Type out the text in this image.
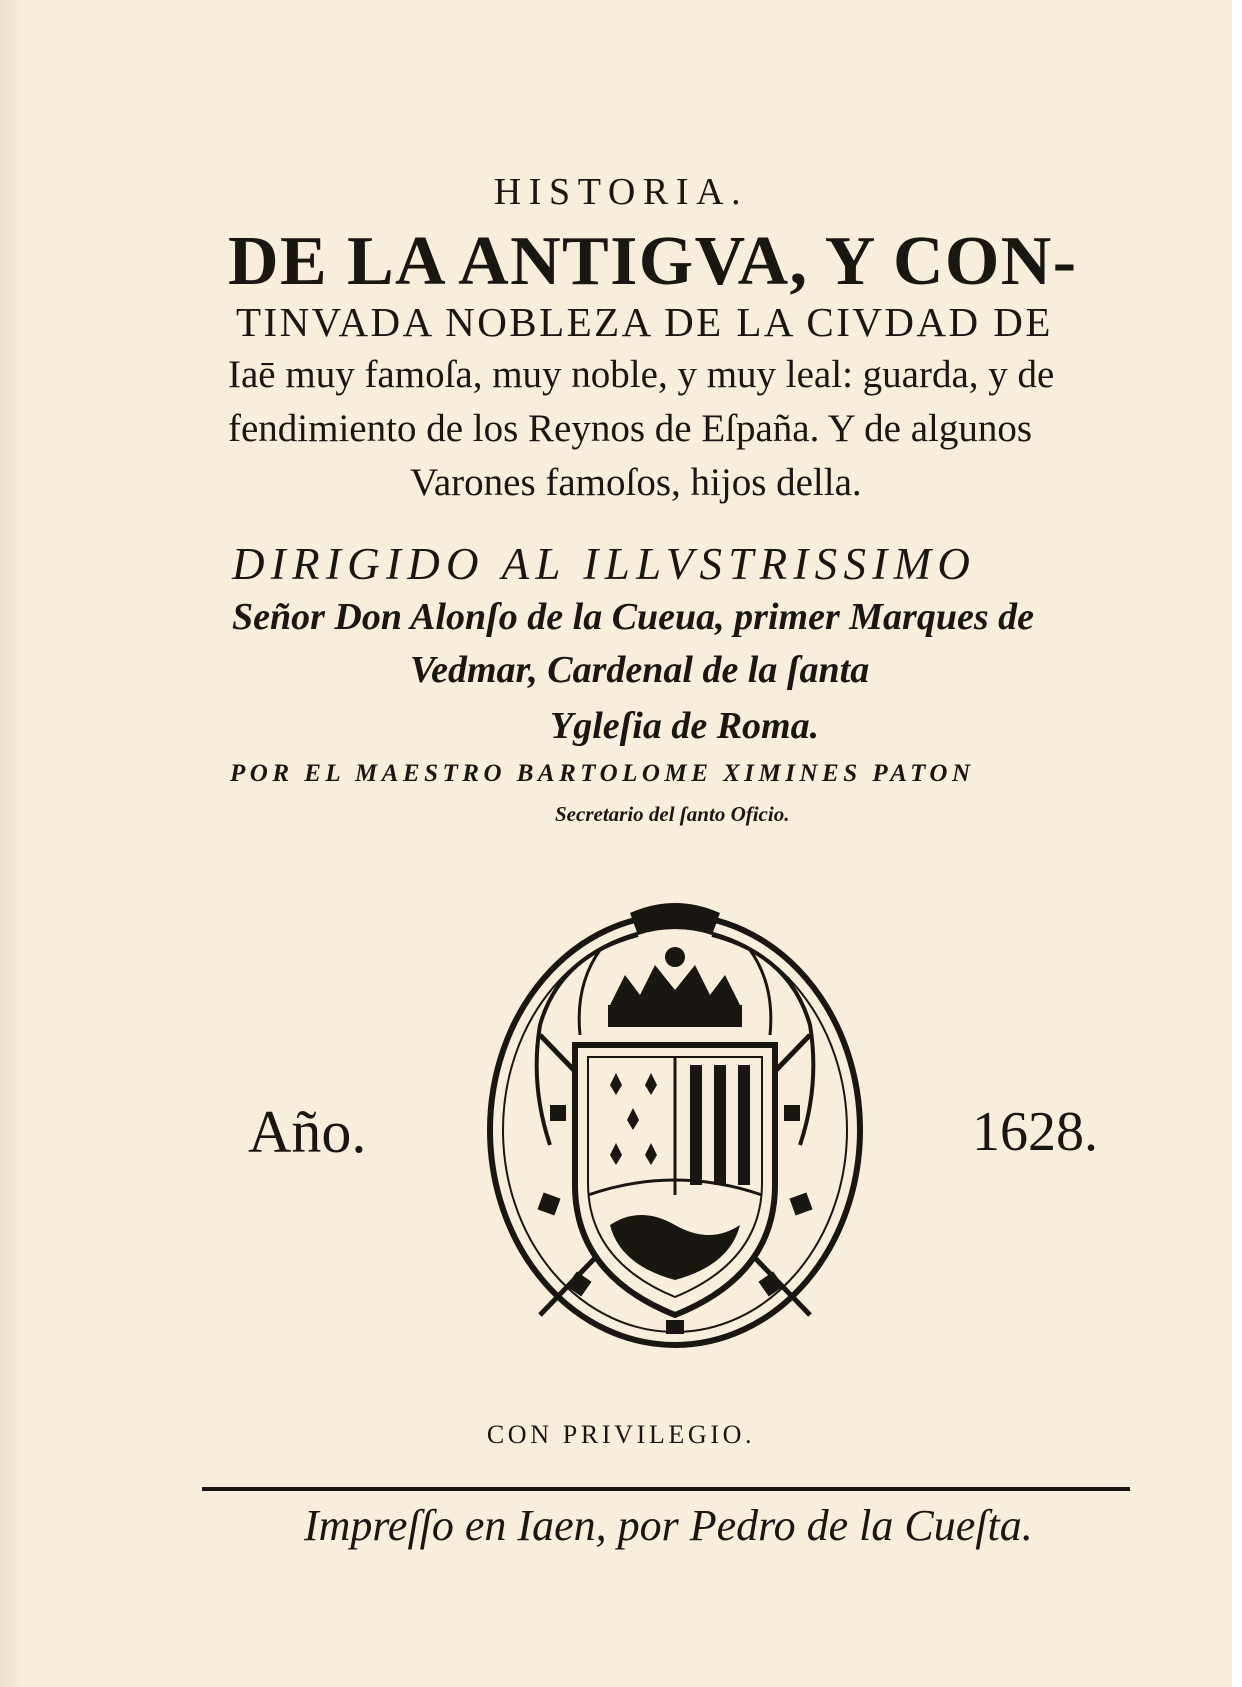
HISTORIA.
DE LA ANTIGVA, Y CON-
TINVADA NOBLEZA DE LA CIVDAD DE
Iaē muy famoſa, muy noble, y muy leal: guarda, y de
fendimiento de los Reynos de Eſpaña. Y de algunos
Varones famoſos, hijos della.
DIRIGIDO AL ILLVSTRISSIMO
Señor Don Alonſo de la Cueua, primer Marques de
Vedmar, Cardenal de la ſanta
Ygleſia de Roma.
POR EL MAESTRO BARTOLOME XIMINES PATON
Secretario del ſanto Oficio.
Año.	1628.
CON PRIVILEGIO.
Impreſſo en Iaen, por Pedro de la Cueſta.
